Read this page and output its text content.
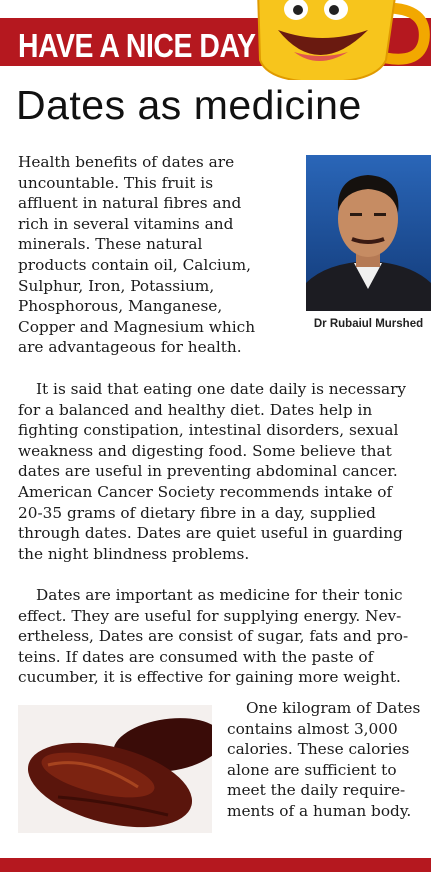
HAVE A NICE DAY
Dates as medicine
Health benefits of dates are
uncountable. This fruit is
affluent in natural fibres and
rich in several vitamins and
minerals. These natural
products contain oil, Calcium,
Sulphur, Iron, Potassium,
Phosphorous, Manganese,
Copper and Magnesium which
are advantageous for health.
Dr Rubaiul Murshed
It is said that eating one date daily is necessary
for a balanced and healthy diet. Dates help in
fighting constipation, intestinal disorders, sexual
weakness and digesting food. Some believe that
dates are useful in preventing abdominal cancer.
American Cancer Society recommends intake of
20-35 grams of dietary fibre in a day, supplied
through dates. Dates are quiet useful in guarding
the night blindness problems.
Dates are important as medicine for their tonic
effect. They are useful for supplying energy. Nev-
ertheless, Dates are consist of sugar, fats and pro-
teins. If dates are consumed with the paste of
cucumber, it is effective for gaining more weight.
One kilogram of Dates
contains almost 3,000
calories. These calories
alone are sufficient to
meet the daily require-
ments of a human body.
